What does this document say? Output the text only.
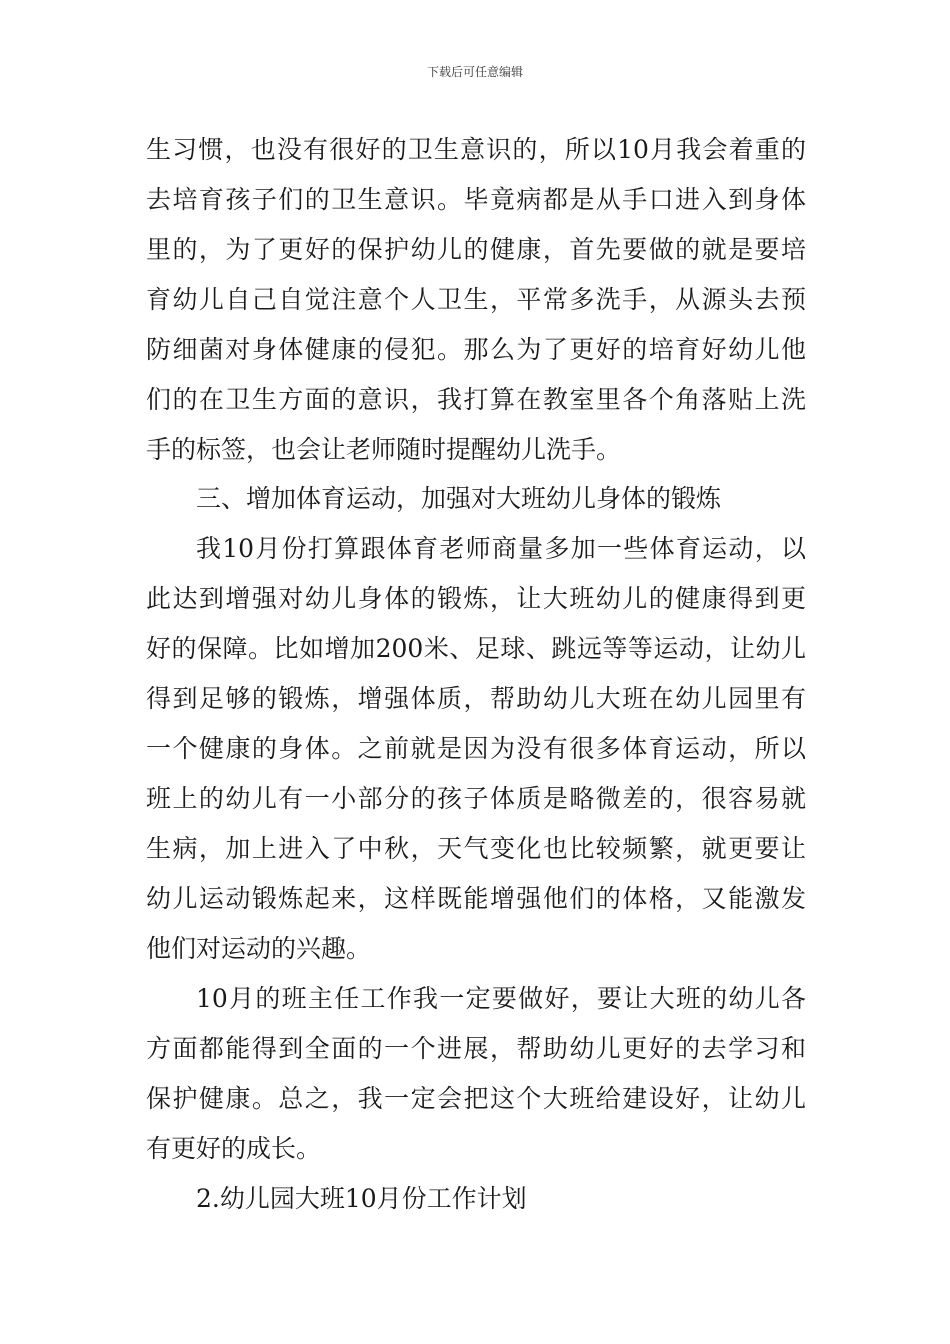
下载后可任意编辑
生习惯，也没有很好的卫生意识的，所以10月我会着重的
去培育孩子们的卫生意识。毕竟病都是从手口进入到身体
里的，为了更好的保护幼儿的健康，首先要做的就是要培
育幼儿自己自觉注意个人卫生，平常多洗手，从源头去预
防细菌对身体健康的侵犯。那么为了更好的培育好幼儿他
们的在卫生方面的意识，我打算在教室里各个角落贴上洗
手的标签，也会让老师随时提醒幼儿洗手。
三、增加体育运动，加强对大班幼儿身体的锻炼
我10月份打算跟体育老师商量多加一些体育运动，以
此达到增强对幼儿身体的锻炼，让大班幼儿的健康得到更
好的保障。比如增加200米、足球、跳远等等运动，让幼儿
得到足够的锻炼，增强体质，帮助幼儿大班在幼儿园里有
一个健康的身体。之前就是因为没有很多体育运动，所以
班上的幼儿有一小部分的孩子体质是略微差的，很容易就
生病，加上进入了中秋，天气变化也比较频繁，就更要让
幼儿运动锻炼起来，这样既能增强他们的体格，又能激发
他们对运动的兴趣。
10月的班主任工作我一定要做好，要让大班的幼儿各
方面都能得到全面的一个进展，帮助幼儿更好的去学习和
保护健康。总之，我一定会把这个大班给建设好，让幼儿
有更好的成长。
2.幼儿园大班10月份工作计划
